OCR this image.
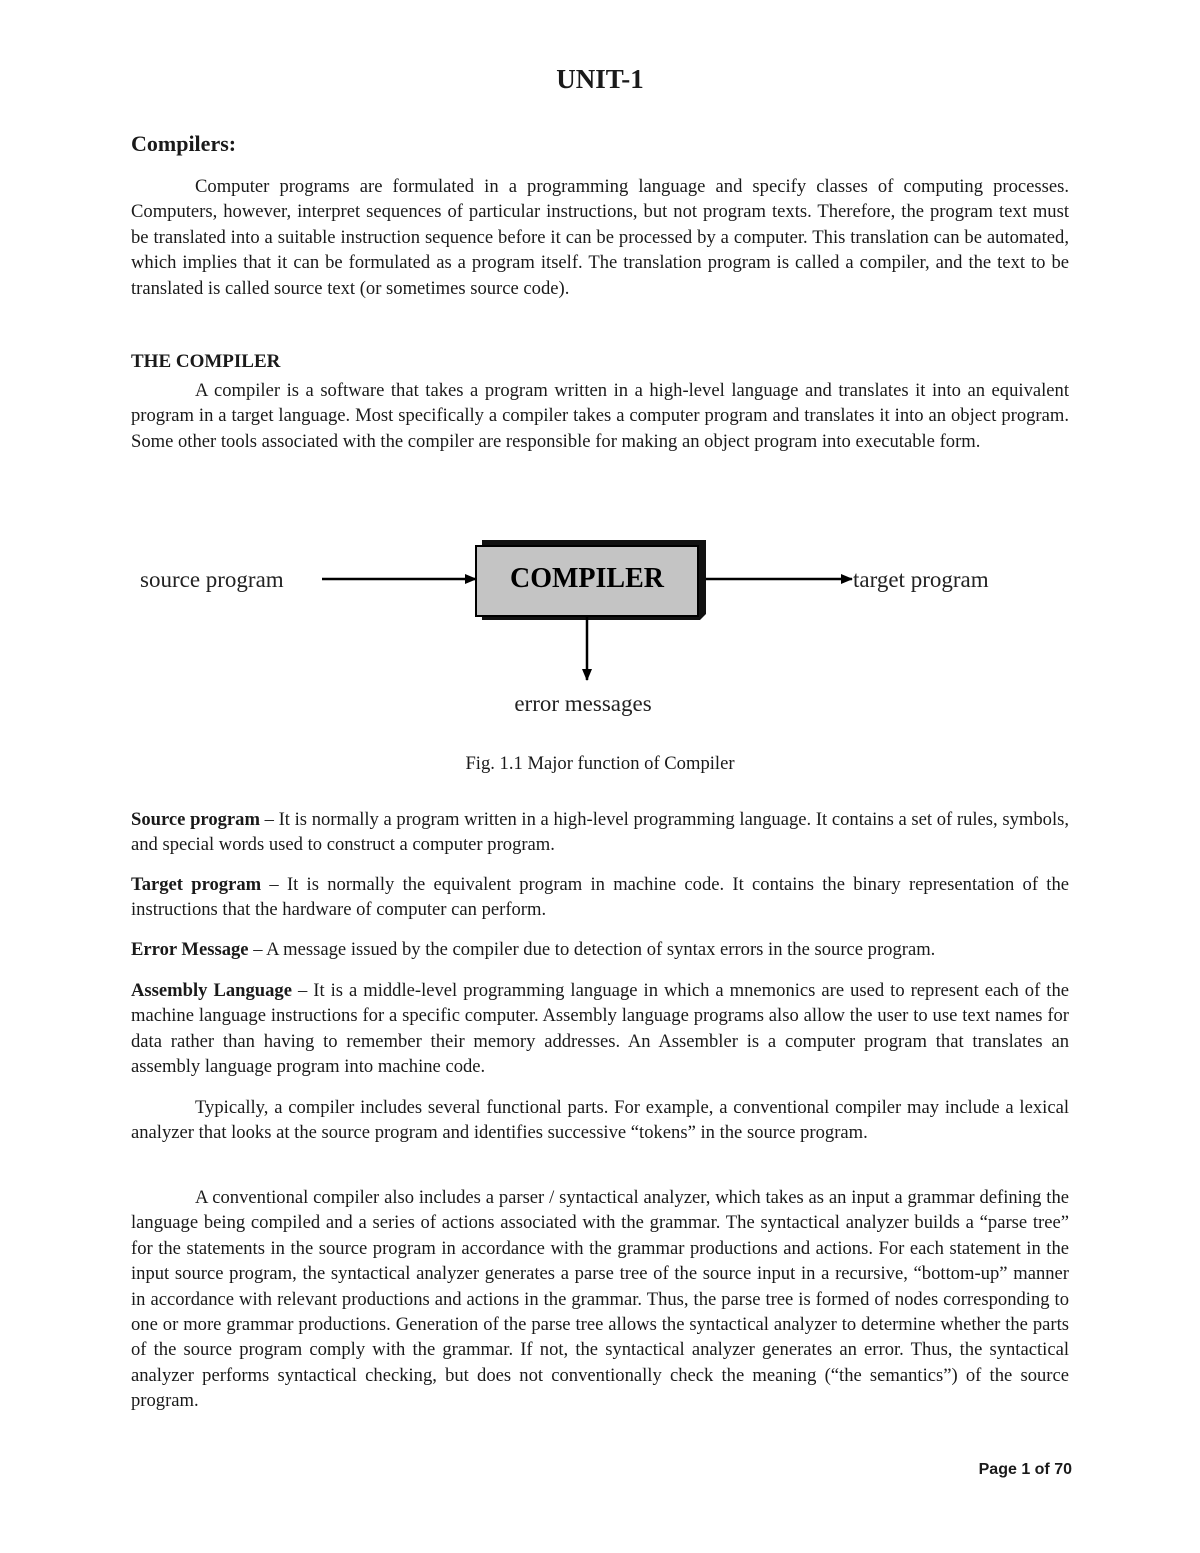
UNIT-1
Compilers:
Computer programs are formulated in a programming language and specify classes of computing processes. Computers, however, interpret sequences of particular instructions, but not program texts. Therefore, the program text must be translated into a suitable instruction sequence before it can be processed by a computer. This translation can be automated, which implies that it can be formulated as a program itself. The translation program is called a compiler, and the text to be translated is called source text (or sometimes source code).
THE COMPILER
A compiler is a software that takes a program written in a high-level language and translates it into an equivalent program in a target language. Most specifically a compiler takes a computer program and translates it into an object program. Some other tools associated with the compiler are responsible for making an object program into executable form.
COMPILER
source program	target program
error messages
Fig. 1.1 Major function of Compiler
Source program – It is normally a program written in a high-level programming language. It contains a set of rules, symbols, and special words used to construct a computer program.
Target program – It is normally the equivalent program in machine code. It contains the binary representation of the instructions that the hardware of computer can perform.
Error Message – A message issued by the compiler due to detection of syntax errors in the source program.
Assembly Language – It is a middle-level programming language in which a mnemonics are used to represent each of the machine language instructions for a specific computer. Assembly language programs also allow the user to use text names for data rather than having to remember their memory addresses. An Assembler is a computer program that translates an assembly language program into machine code.
Typically, a compiler includes several functional parts. For example, a conventional compiler may include a lexical analyzer that looks at the source program and identifies successive “tokens” in the source program.
A conventional compiler also includes a parser / syntactical analyzer, which takes as an input a grammar defining the language being compiled and a series of actions associated with the grammar. The syntactical analyzer builds a “parse tree” for the statements in the source program in accordance with the grammar productions and actions. For each statement in the input source program, the syntactical analyzer generates a parse tree of the source input in a recursive, “bottom-up” manner in accordance with relevant productions and actions in the grammar. Thus, the parse tree is formed of nodes corresponding to one or more grammar productions. Generation of the parse tree allows the syntactical analyzer to determine whether the parts of the source program comply with the grammar. If not, the syntactical analyzer generates an error. Thus, the syntactical analyzer performs syntactical checking, but does not conventionally check the meaning (“the semantics”) of the source program.
Page 1 of 70
